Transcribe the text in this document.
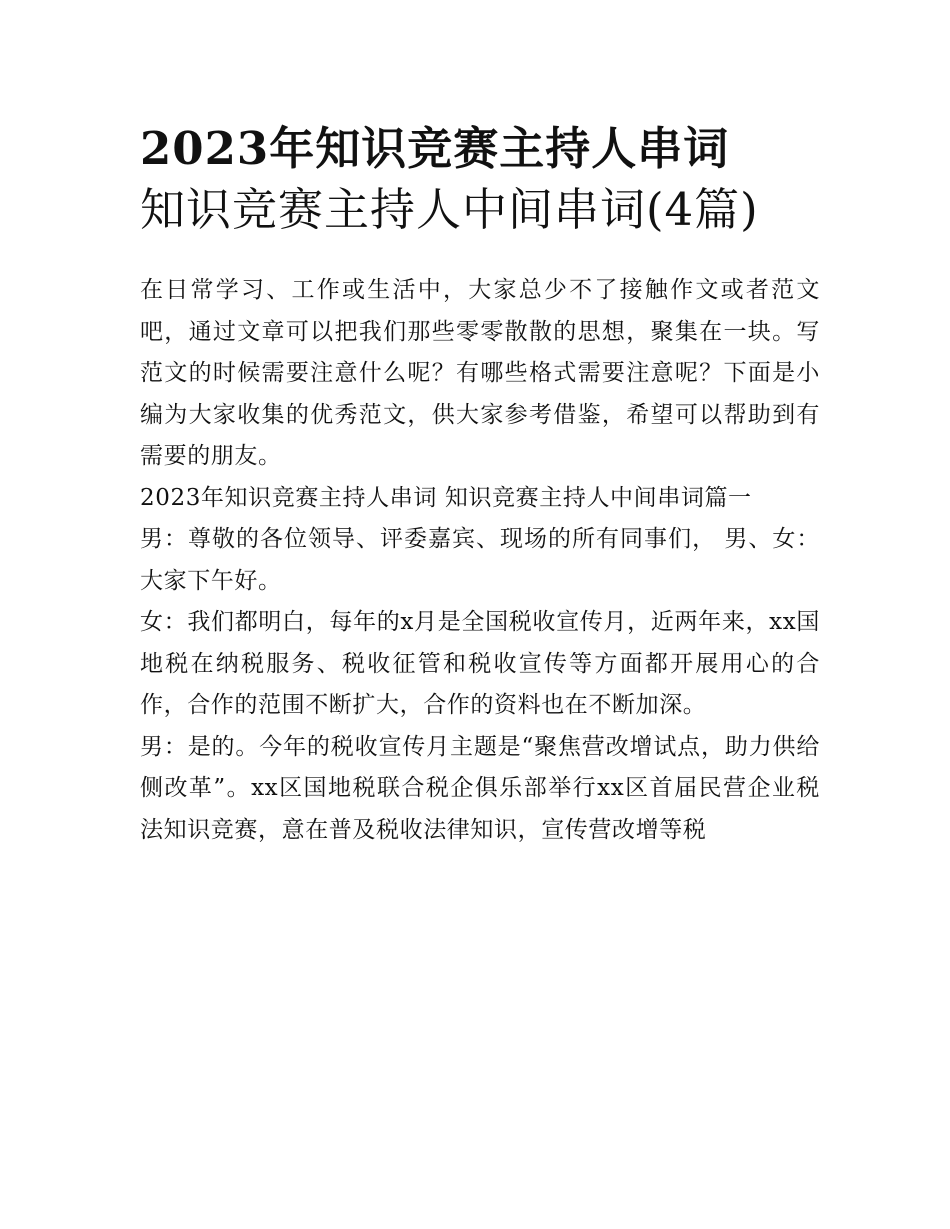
2023年知识竞赛主持人串词
知识竞赛主持人中间串词(4篇)

在日常学习、工作或生活中，大家总少不了接触作文或者范文吧，通过文章可以把我们那些零零散散的思想，聚集在一块。写范文的时候需要注意什么呢？有哪些格式需要注意呢？下面是小编为大家收集的优秀范文，供大家参考借鉴，希望可以帮助到有需要的朋友。

2023年知识竞赛主持人串词 知识竞赛主持人中间串词篇一

男：尊敬的各位领导、评委嘉宾、现场的所有同事们， 男、女：大家下午好。

女：我们都明白，每年的x月是全国税收宣传月，近两年来，xx国地税在纳税服务、税收征管和税收宣传等方面都开展用心的合作，合作的范围不断扩大，合作的资料也在不断加深。

男：是的。今年的税收宣传月主题是“聚焦营改增试点，助力供给侧改革”。xx区国地税联合税企俱乐部举行xx区首届民营企业税法知识竞赛，意在普及税收法律知识，宣传营改增等税
